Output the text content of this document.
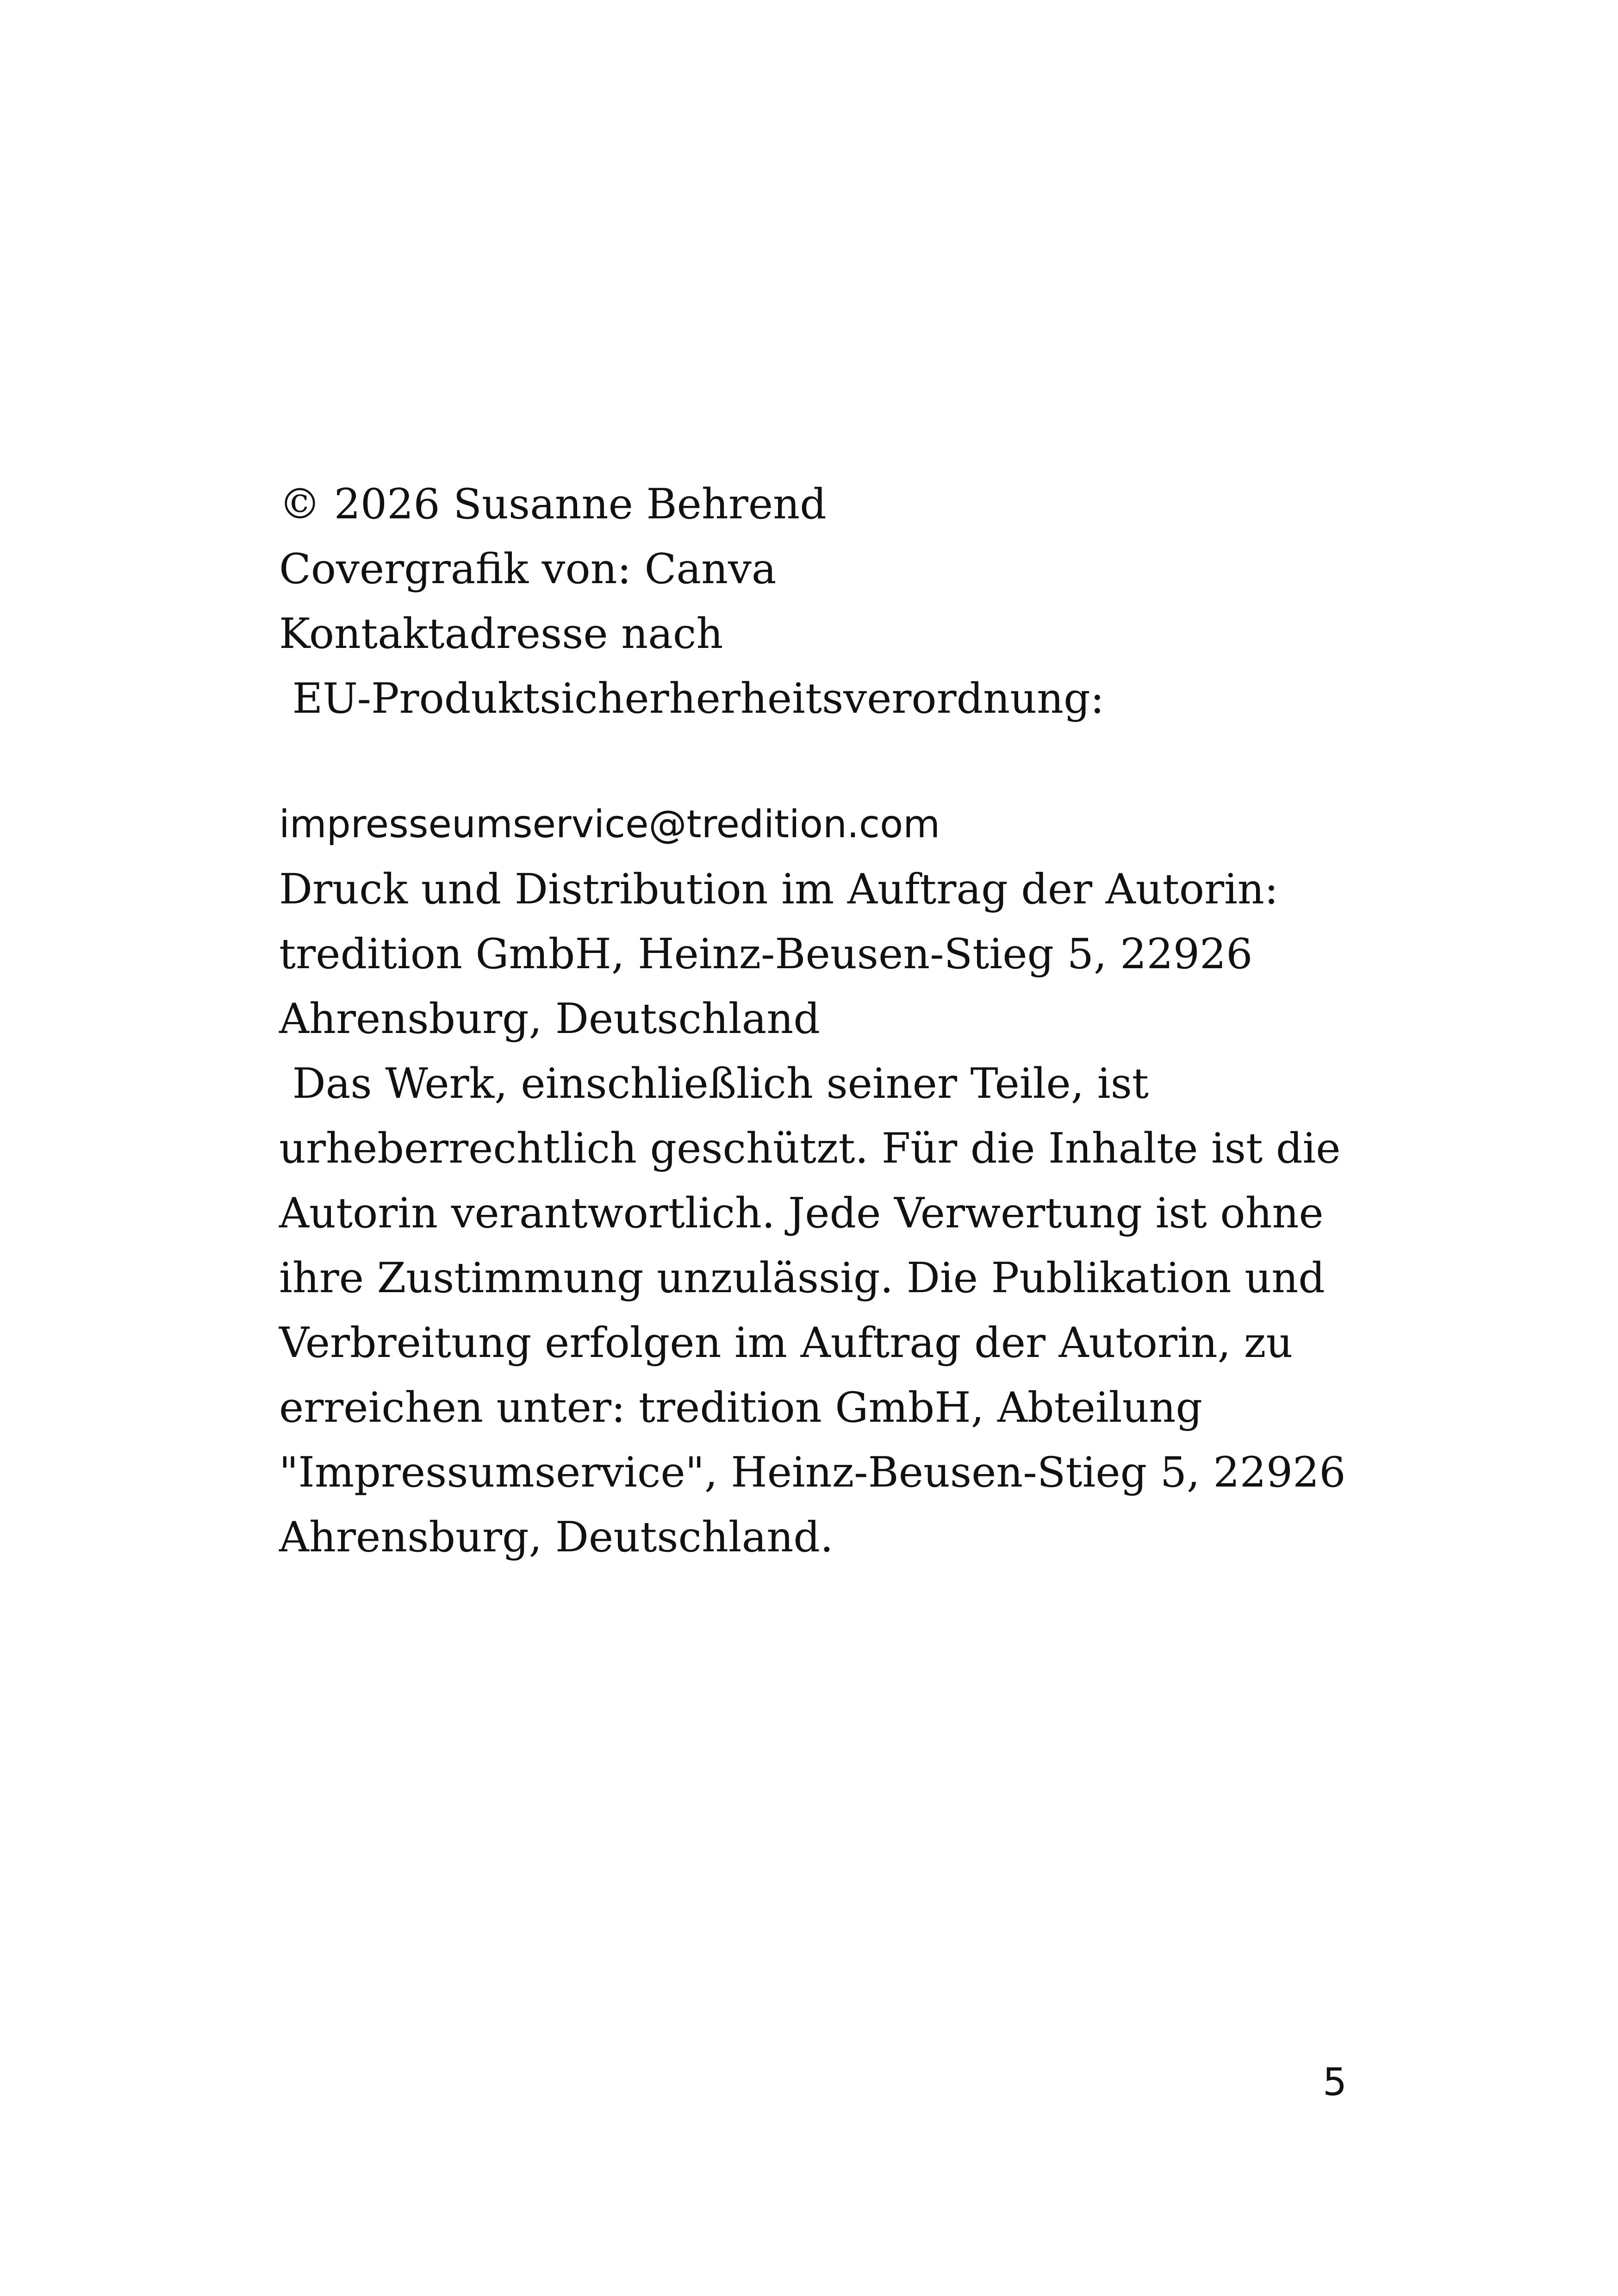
© 2026 Susanne Behrend

Covergrafik von: Canva

Kontaktadresse nach

EU-Produktsicherherheitsverordnung:

impresseumservice@tredition.com

Druck und Distribution im Auftrag der Autorin:

tredition GmbH, Heinz-Beusen-Stieg 5, 22926

Ahrensburg, Deutschland

Das Werk, einschließlich seiner Teile, ist

urheberrechtlich geschützt. Für die Inhalte ist die

Autorin verantwortlich. Jede Verwertung ist ohne

ihre Zustimmung unzulässig. Die Publikation und

Verbreitung erfolgen im Auftrag der Autorin, zu

erreichen unter: tredition GmbH, Abteilung

"Impressumservice", Heinz-Beusen-Stieg 5, 22926

Ahrensburg, Deutschland.

5
